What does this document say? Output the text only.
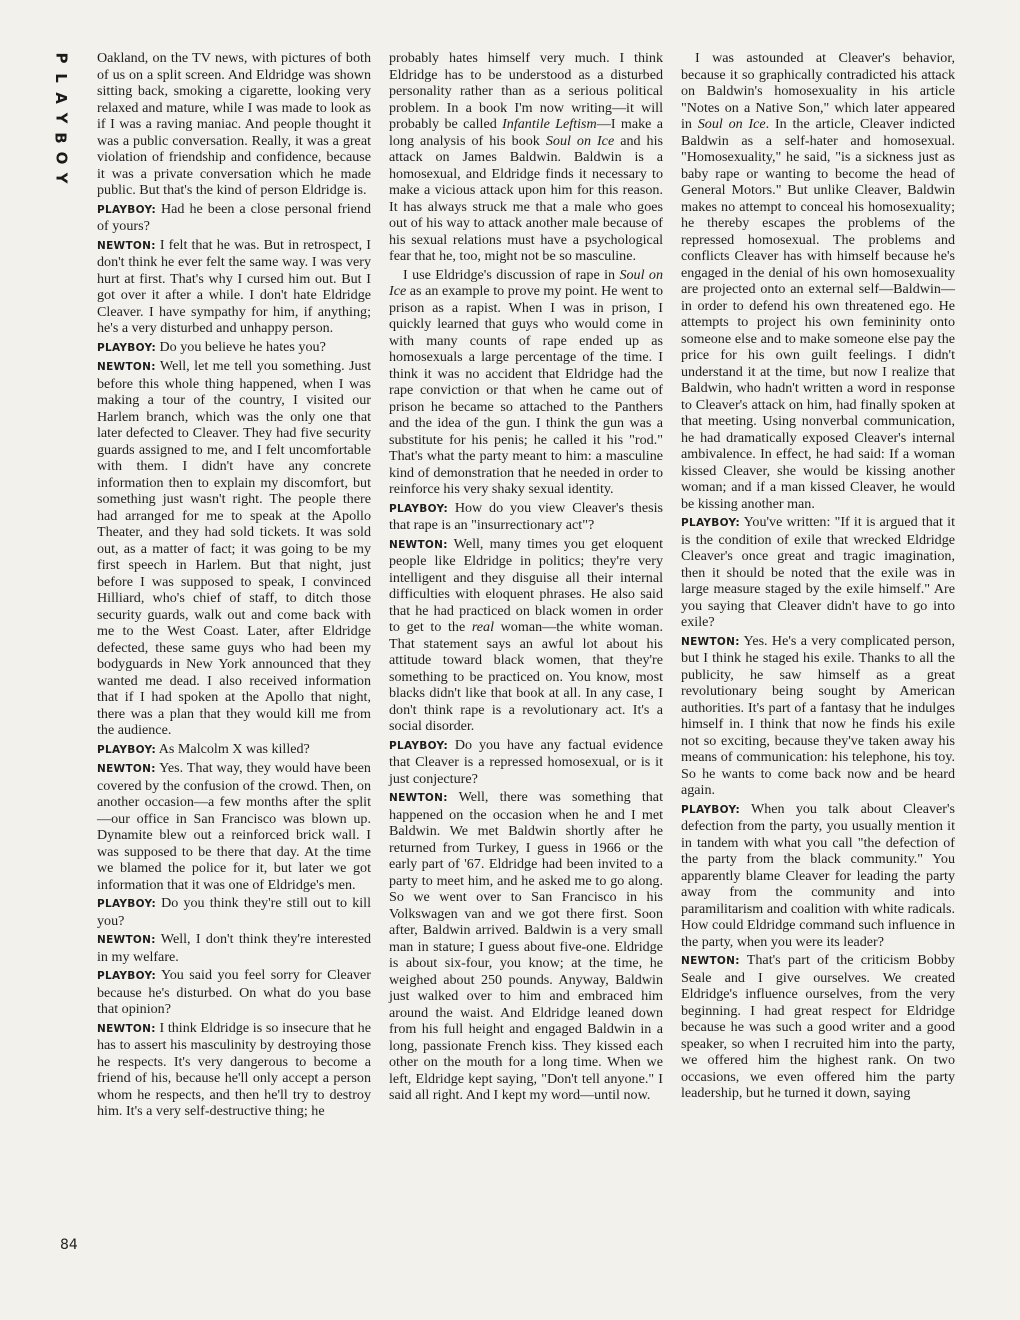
P
L
A
Y
B
O
Y

Oakland, on the TV news, with pictures of both of us on a split screen. And Eldridge was shown sitting back, smoking a cigarette, looking very relaxed and mature, while I was made to look as if I was a raving maniac. And people thought it was a public conversation. Really, it was a great violation of friendship and confidence, because it was a private conversation which he made public. But that's the kind of person Eldridge is.

PLAYBOY: Had he been a close personal friend of yours?

NEWTON: I felt that he was. But in retrospect, I don't think he ever felt the same way. I was very hurt at first. That's why I cursed him out. But I got over it after a while. I don't hate Eldridge Cleaver. I have sympathy for him, if anything; he's a very disturbed and unhappy person.

PLAYBOY: Do you believe he hates you?

NEWTON: Well, let me tell you something. Just before this whole thing happened, when I was making a tour of the country, I visited our Harlem branch, which was the only one that later defected to Cleaver. They had five security guards assigned to me, and I felt uncomfortable with them. I didn't have any concrete information then to explain my discomfort, but something just wasn't right. The people there had arranged for me to speak at the Apollo Theater, and they had sold tickets. It was sold out, as a matter of fact; it was going to be my first speech in Harlem. But that night, just before I was supposed to speak, I convinced Hilliard, who's chief of staff, to ditch those security guards, walk out and come back with me to the West Coast. Later, after Eldridge defected, these same guys who had been my bodyguards in New York announced that they wanted me dead. I also received information that if I had spoken at the Apollo that night, there was a plan that they would kill me from the audience.

PLAYBOY: As Malcolm X was killed?

NEWTON: Yes. That way, they would have been covered by the confusion of the crowd. Then, on another occasion—a few months after the split—our office in San Francisco was blown up. Dynamite blew out a reinforced brick wall. I was supposed to be there that day. At the time we blamed the police for it, but later we got information that it was one of Eldridge's men.

PLAYBOY: Do you think they're still out to kill you?

NEWTON: Well, I don't think they're interested in my welfare.

PLAYBOY: You said you feel sorry for Cleaver because he's disturbed. On what do you base that opinion?

NEWTON: I think Eldridge is so insecure that he has to assert his masculinity by destroying those he respects. It's very dangerous to become a friend of his, because he'll only accept a person whom he respects, and then he'll try to destroy him. It's a very self-destructive thing; he

probably hates himself very much. I think Eldridge has to be understood as a disturbed personality rather than as a serious political problem. In a book I'm now writing—it will probably be called Infantile Leftism—I make a long analysis of his book Soul on Ice and his attack on James Baldwin. Baldwin is a homosexual, and Eldridge finds it necessary to make a vicious attack upon him for this reason. It has always struck me that a male who goes out of his way to attack another male because of his sexual relations must have a psychological fear that he, too, might not be so masculine.

I use Eldridge's discussion of rape in Soul on Ice as an example to prove my point. He went to prison as a rapist. When I was in prison, I quickly learned that guys who would come in with many counts of rape ended up as homosexuals a large percentage of the time. I think it was no accident that Eldridge had the rape conviction or that when he came out of prison he became so attached to the Panthers and the idea of the gun. I think the gun was a substitute for his penis; he called it his "rod." That's what the party meant to him: a masculine kind of demonstration that he needed in order to reinforce his very shaky sexual identity.

PLAYBOY: How do you view Cleaver's thesis that rape is an "insurrectionary act"?

NEWTON: Well, many times you get eloquent people like Eldridge in politics; they're very intelligent and they disguise all their internal difficulties with eloquent phrases. He also said that he had practiced on black women in order to get to the real woman—the white woman. That statement says an awful lot about his attitude toward black women, that they're something to be practiced on. You know, most blacks didn't like that book at all. In any case, I don't think rape is a revolutionary act. It's a social disorder.

PLAYBOY: Do you have any factual evidence that Cleaver is a repressed homosexual, or is it just conjecture?

NEWTON: Well, there was something that happened on the occasion when he and I met Baldwin. We met Baldwin shortly after he returned from Turkey, I guess in 1966 or the early part of '67. Eldridge had been invited to a party to meet him, and he asked me to go along. So we went over to San Francisco in his Volkswagen van and we got there first. Soon after, Baldwin arrived. Baldwin is a very small man in stature; I guess about five-one. Eldridge is about six-four, you know; at the time, he weighed about 250 pounds. Anyway, Baldwin just walked over to him and embraced him around the waist. And Eldridge leaned down from his full height and engaged Baldwin in a long, passionate French kiss. They kissed each other on the mouth for a long time. When we left, Eldridge kept saying, "Don't tell anyone." I said all right. And I kept my word—until now.

I was astounded at Cleaver's behavior, because it so graphically contradicted his attack on Baldwin's homosexuality in his article "Notes on a Native Son," which later appeared in Soul on Ice. In the article, Cleaver indicted Baldwin as a self-hater and homosexual. "Homosexuality," he said, "is a sickness just as baby rape or wanting to become the head of General Motors." But unlike Cleaver, Baldwin makes no attempt to conceal his homosexuality; he thereby escapes the problems of the repressed homosexual. The problems and conflicts Cleaver has with himself because he's engaged in the denial of his own homosexuality are projected onto an external self—Baldwin—in order to defend his own threatened ego. He attempts to project his own femininity onto someone else and to make someone else pay the price for his own guilt feelings. I didn't understand it at the time, but now I realize that Baldwin, who hadn't written a word in response to Cleaver's attack on him, had finally spoken at that meeting. Using nonverbal communication, he had dramatically exposed Cleaver's internal ambivalence. In effect, he had said: If a woman kissed Cleaver, she would be kissing another woman; and if a man kissed Cleaver, he would be kissing another man.

PLAYBOY: You've written: "If it is argued that it is the condition of exile that wrecked Eldridge Cleaver's once great and tragic imagination, then it should be noted that the exile was in large measure staged by the exile himself." Are you saying that Cleaver didn't have to go into exile?

NEWTON: Yes. He's a very complicated person, but I think he staged his exile. Thanks to all the publicity, he saw himself as a great revolutionary being sought by American authorities. It's part of a fantasy that he indulges himself in. I think that now he finds his exile not so exciting, because they've taken away his means of communication: his telephone, his toy. So he wants to come back now and be heard again.

PLAYBOY: When you talk about Cleaver's defection from the party, you usually mention it in tandem with what you call "the defection of the party from the black community." You apparently blame Cleaver for leading the party away from the community and into paramilitarism and coalition with white radicals. How could Eldridge command such influence in the party, when you were its leader?

NEWTON: That's part of the criticism Bobby Seale and I give ourselves. We created Eldridge's influence ourselves, from the very beginning. I had great respect for Eldridge because he was such a good writer and a good speaker, so when I recruited him into the party, we offered him the highest rank. On two occasions, we even offered him the party leadership, but he turned it down, saying

84
